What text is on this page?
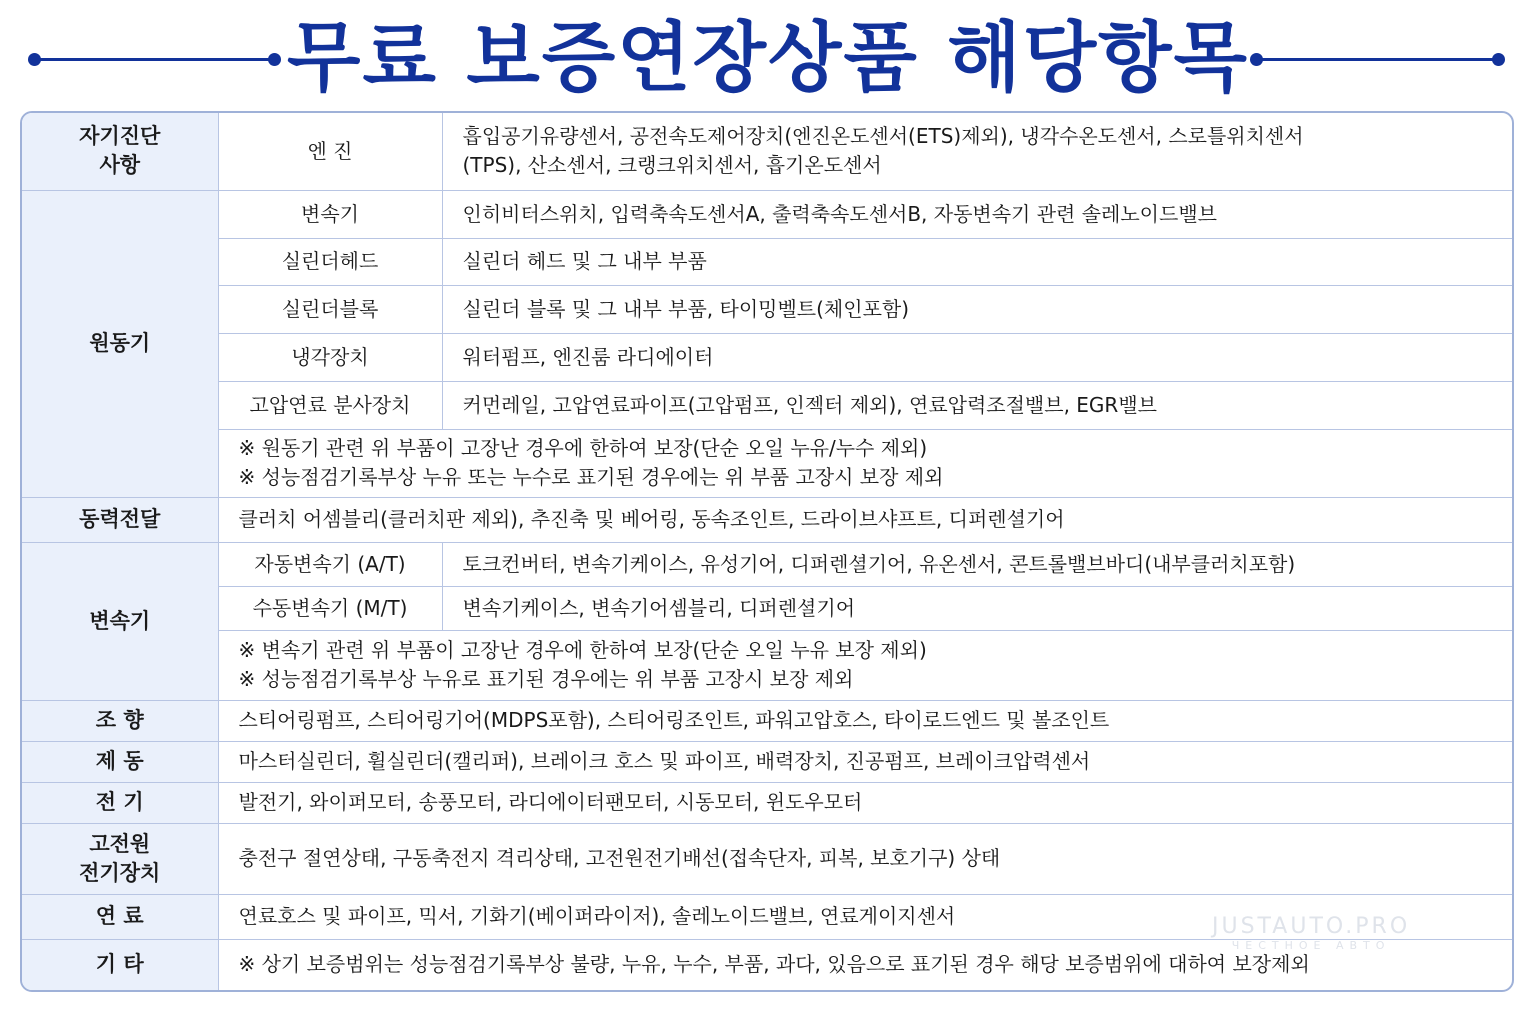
무료 보증연장상품 해당항목
자기진단
사항	엔 진	흡입공기유량센서, 공전속도제어장치(엔진온도센서(ETS)제외), 냉각수온도센서, 스로틀위치센서
(TPS), 산소센서, 크랭크위치센서, 흡기온도센서
원동기	변속기	인히비터스위치, 입력축속도센서A, 출력축속도센서B, 자동변속기 관련 솔레노이드밸브
	실린더헤드	실린더 헤드 및 그 내부 부품
	실린더블록	실린더 블록 및 그 내부 부품, 타이밍벨트(체인포함)
	냉각장치	워터펌프, 엔진룸 라디에이터
	고압연료 분사장치	커먼레일, 고압연료파이프(고압펌프, 인젝터 제외), 연료압력조절밸브, EGR밸브

	※ 원동기 관련 위 부품이 고장난 경우에 한하여 보장(단순 오일 누유/누수 제외)
※ 성능점검기록부상 누유 또는 누수로 표기된 경우에는 위 부품 고장시 보장 제외	

동력전달	클러치 어셈블리(클러치판 제외), 추진축 및 베어링, 동속조인트, 드라이브샤프트, 디퍼렌셜기어	
변속기	자동변속기 (A/T)	토크컨버터, 변속기케이스, 유성기어, 디퍼렌셜기어, 유온센서, 콘트롤밸브바디(내부클러치포함)
	수동변속기 (M/T)	변속기케이스, 변속기어셈블리, 디퍼렌셜기어

	※ 변속기 관련 위 부품이 고장난 경우에 한하여 보장(단순 오일 누유 보장 제외)
※ 성능점검기록부상 누유로 표기된 경우에는 위 부품 고장시 보장 제외	

조 향	스티어링펌프, 스티어링기어(MDPS포함), 스티어링조인트, 파워고압호스, 타이로드엔드 및 볼조인트	
제 동	마스터실린더, 휠실린더(캘리퍼), 브레이크 호스 및 파이프, 배력장치, 진공펌프, 브레이크압력센서	
전 기	발전기, 와이퍼모터, 송풍모터, 라디에이터팬모터, 시동모터, 윈도우모터	
고전원
전기장치	충전구 절연상태, 구동축전지 격리상태, 고전원전기배선(접속단자, 피복, 보호기구) 상태	
연 료	연료호스 및 파이프, 믹서, 기화기(베이퍼라이저), 솔레노이드밸브, 연료게이지센서	
기 타	※ 상기 보증범위는 성능점검기록부상 불량, 누유, 누수, 부품, 과다, 있음으로 표기된 경우 해당 보증범위에 대하여 보장제외	
JUSTAUTO.PRO
ЧЕСТНОЕ АВТО
